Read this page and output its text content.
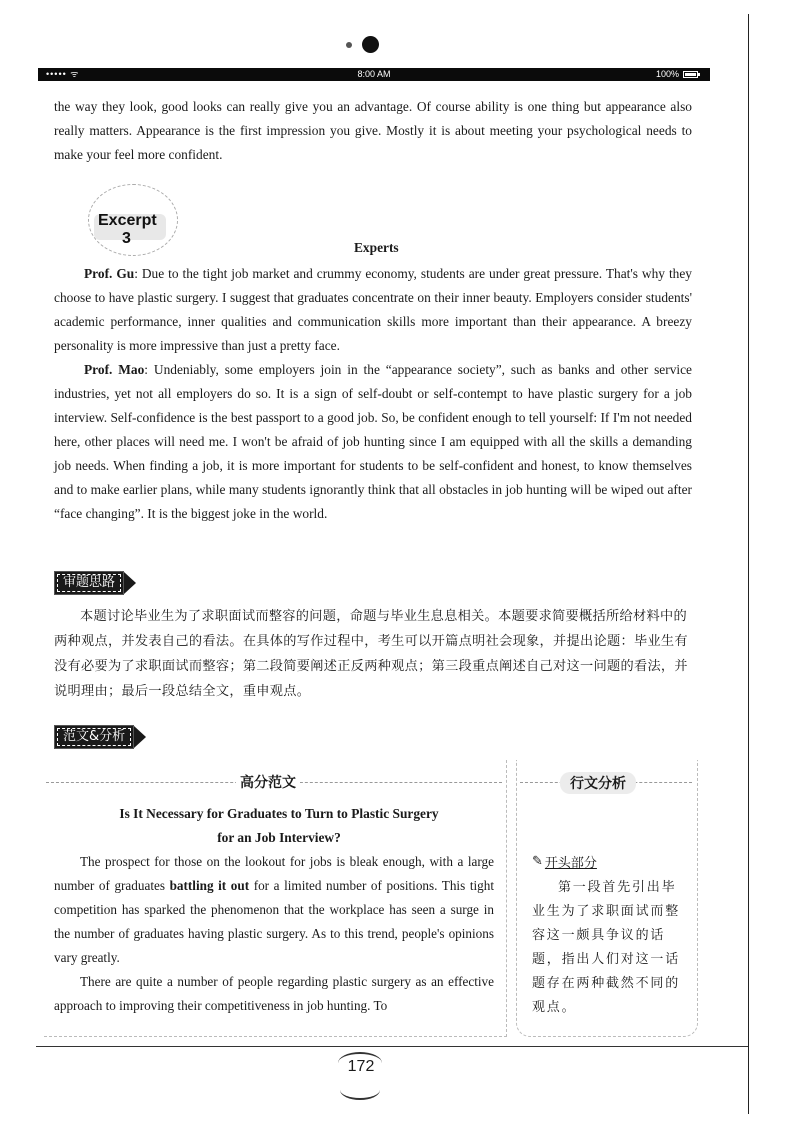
••••• ᯤ	8:00 AM	100%

the way they look, good looks can really give you an advantage. Of course ability is one thing but appearance also really matters. Appearance is the first impression you give. Mostly it is about meeting your psychological needs to make your feel more confident.

Excerpt
3
Experts

Prof. Gu: Due to the tight job market and crummy economy, students are under great pressure. That's why they choose to have plastic surgery. I suggest that graduates concentrate on their inner beauty. Employers consider students' academic performance, inner qualities and communication skills more important than their appearance. A breezy personality is more impressive than just a pretty face.

Prof. Mao: Undeniably, some employers join in the “appearance society”, such as banks and other service industries, yet not all employers do so. It is a sign of self-doubt or self-contempt to have plastic surgery for a job interview. Self-confidence is the best passport to a good job. So, be confident enough to tell yourself: If I'm not needed here, other places will need me. I won't be afraid of job hunting since I am equipped with all the skills a demanding job needs. When finding a job, it is more important for students to be self-confident and honest, to know themselves and to make earlier plans, while many students ignorantly think that all obstacles in job hunting will be wiped out after “face changing”. It is the biggest joke in the world.

审题思路

本题讨论毕业生为了求职面试而整容的问题，命题与毕业生息息相关。本题要求简要概括所给材料中的两种观点，并发表自己的看法。在具体的写作过程中，考生可以开篇点明社会现象，并提出论题：毕业生有没有必要为了求职面试而整容；第二段简要阐述正反两种观点；第三段重点阐述自己对这一问题的看法，并说明理由；最后一段总结全文，重申观点。

范文&分析
高分范文	行文分析
Is It Necessary for Graduates to Turn to Plastic Surgery
for an Job Interview?

The prospect for those on the lookout for jobs is bleak enough, with a large number of graduates battling it out for a limited number of positions. This tight competition has sparked the phenomenon that the workplace has seen a surge in the number of graduates having plastic surgery. As to this trend, people's opinions vary greatly.

There are quite a number of people regarding plastic surgery as an effective approach to improving their competitiveness in job hunting. To

✎ 开头部分

第一段首先引出毕业生为了求职面试而整容这一颇具争议的话题，指出人们对这一话题存在两种截然不同的观点。

172
